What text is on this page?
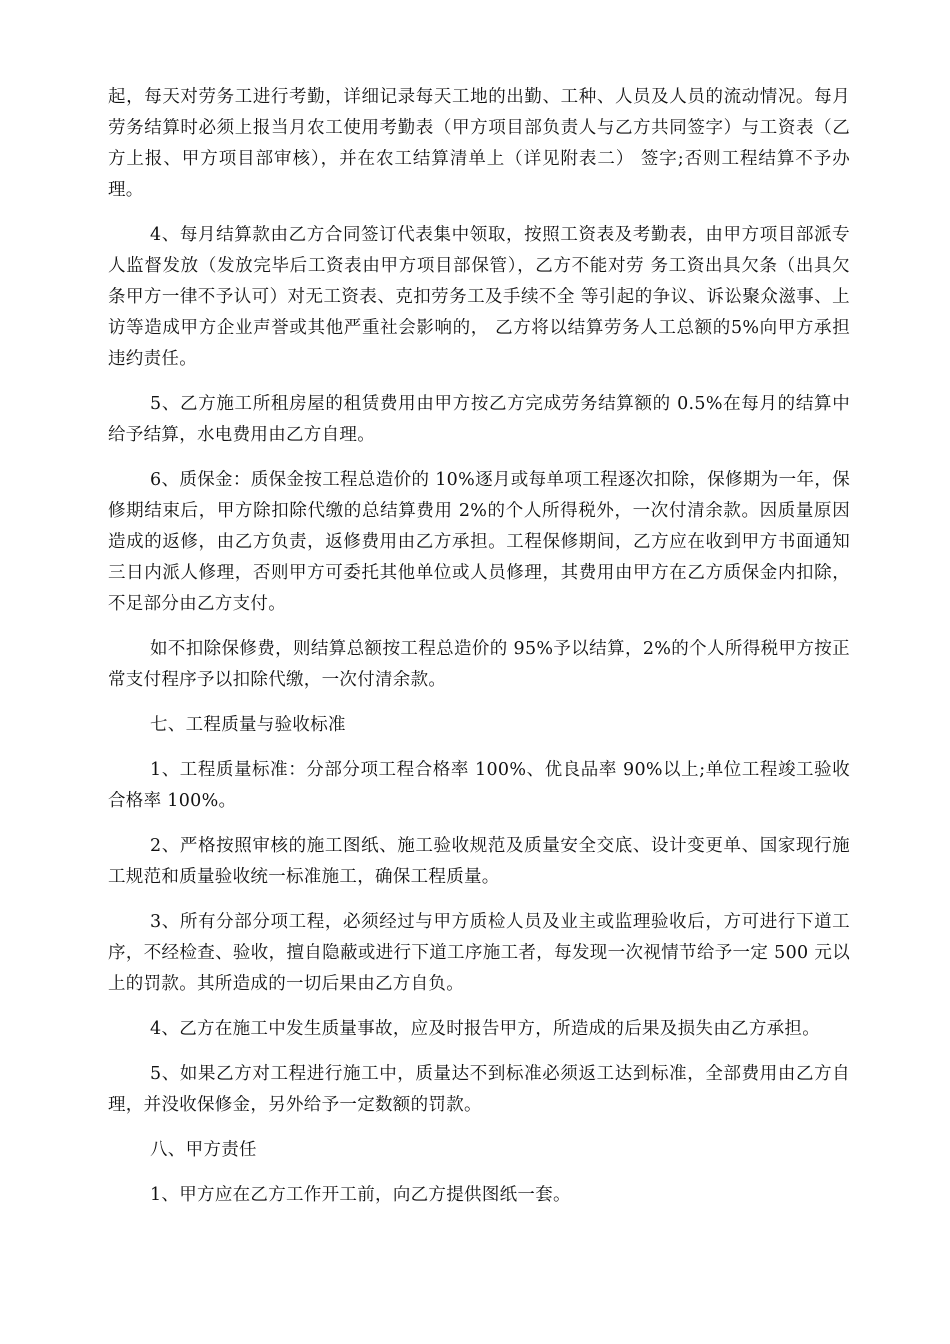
起，每天对劳务工进行考勤，详细记录每天工地的出勤、工种、人员及人员的流动情况。每月劳务结算时必须上报当月农工使用考勤表（甲方项目部负责人与乙方共同签字）与工资表（乙方上报、甲方项目部审核），并在农工结算清单上（详见附表二） 签字;否则工程结算不予办理。

4、每月结算款由乙方合同签订代表集中领取，按照工资表及考勤表，由甲方项目部派专人监督发放（发放完毕后工资表由甲方项目部保管），乙方不能对劳 务工资出具欠条（出具欠条甲方一律不予认可）对无工资表、克扣劳务工及手续不全 等引起的争议、诉讼聚众滋事、上访等造成甲方企业声誉或其他严重社会影响的， 乙方将以结算劳务人工总额的5%向甲方承担违约责任。

5、乙方施工所租房屋的租赁费用由甲方按乙方完成劳务结算额的 0.5%在每月的结算中给予结算，水电费用由乙方自理。

6、质保金：质保金按工程总造价的 10%逐月或每单项工程逐次扣除，保修期为一年，保修期结束后，甲方除扣除代缴的总结算费用 2%的个人所得税外，一次付清余款。因质量原因造成的返修，由乙方负责，返修费用由乙方承担。工程保修期间，乙方应在收到甲方书面通知三日内派人修理，否则甲方可委托其他单位或人员修理，其费用由甲方在乙方质保金内扣除，不足部分由乙方支付。

如不扣除保修费，则结算总额按工程总造价的 95%予以结算，2%的个人所得税甲方按正常支付程序予以扣除代缴，一次付清余款。

七、工程质量与验收标准

1、工程质量标准：分部分项工程合格率 100%、优良品率 90%以上;单位工程竣工验收合格率 100%。

2、严格按照审核的施工图纸、施工验收规范及质量安全交底、设计变更单、国家现行施工规范和质量验收统一标准施工，确保工程质量。

3、所有分部分项工程，必须经过与甲方质检人员及业主或监理验收后，方可进行下道工序，不经检查、验收，擅自隐蔽或进行下道工序施工者，每发现一次视情节给予一定 500 元以上的罚款。其所造成的一切后果由乙方自负。

4、乙方在施工中发生质量事故，应及时报告甲方，所造成的后果及损失由乙方承担。

5、如果乙方对工程进行施工中，质量达不到标准必须返工达到标准，全部费用由乙方自理，并没收保修金，另外给予一定数额的罚款。

八、甲方责任

1、甲方应在乙方工作开工前，向乙方提供图纸一套。
